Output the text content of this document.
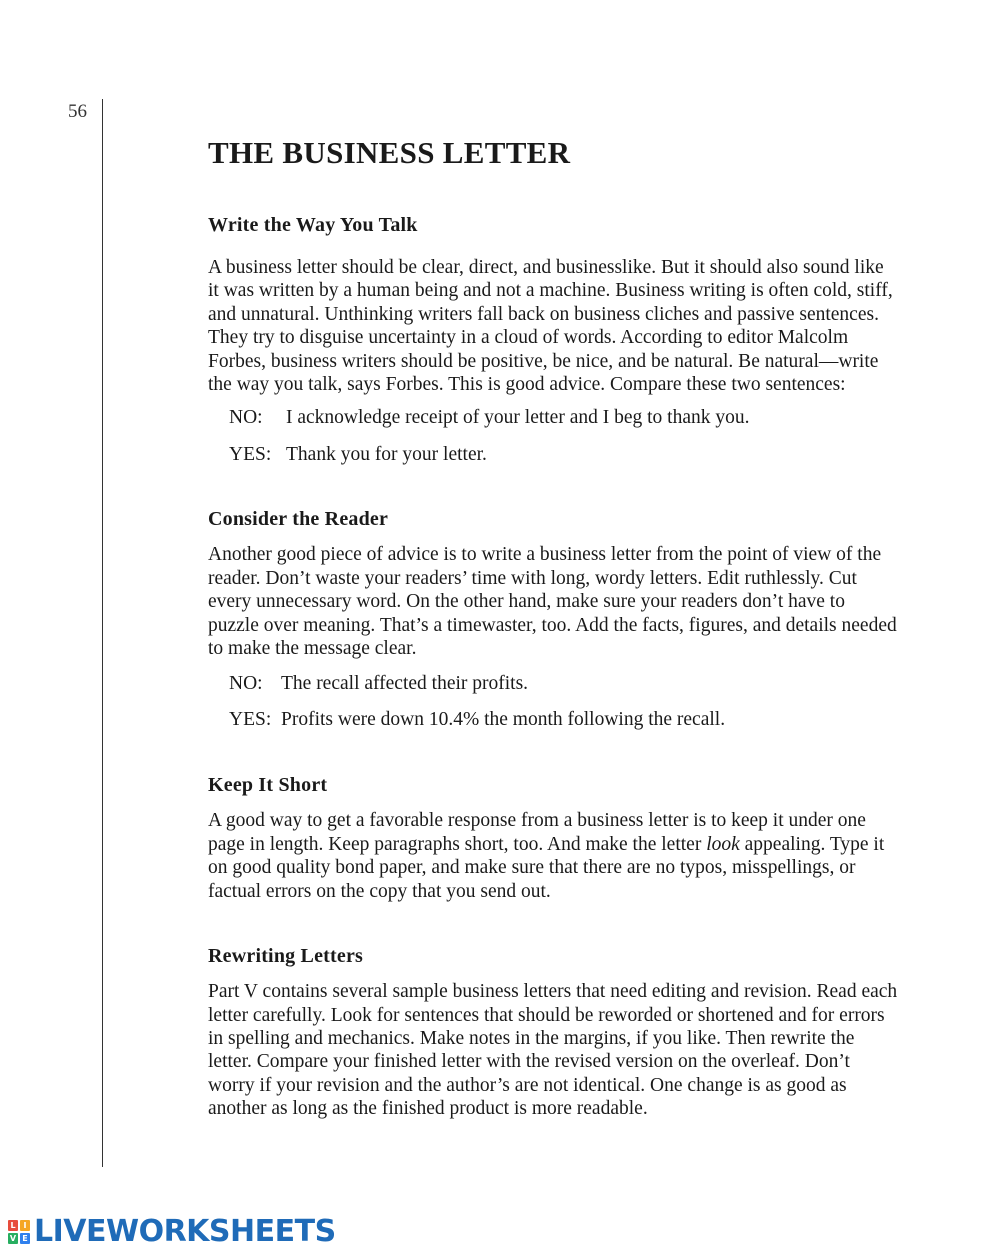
56
THE BUSINESS LETTER
Write the Way You Talk

A business letter should be clear, direct, and businesslike. But it should also sound like it was written by a human being and not a machine. Business writing is often cold, stiff, and unnatural. Unthinking writers fall back on business cliches and passive sentences. They try to disguise uncertainty in a cloud of words. According to editor Malcolm Forbes, business writers should be positive, be nice, and be natural. Be natural—write the way you talk, says Forbes. This is good advice. Compare these two sentences:

NO:	I acknowledge receipt of your letter and I beg to thank you.
YES: Thank you for your letter.
Consider the Reader

Another good piece of advice is to write a business letter from the point of view of the reader. Don’t waste your readers’ time with long, wordy letters. Edit ruthlessly. Cut every unnecessary word. On the other hand, make sure your readers don’t have to puzzle over meaning. That’s a timewaster, too. Add the facts, figures, and details needed to make the message clear.

NO: The recall affected their profits.
YES: Profits were down 10.4% the month following the recall.
Keep It Short

A good way to get a favorable response from a business letter is to keep it under one page in length. Keep paragraphs short, too. And make the letter look appealing. Type it on good quality bond paper, and make sure that there are no typos, misspellings, or factual errors on the copy that you send out.

Rewriting Letters

Part V contains several sample business letters that need editing and revision. Read each letter carefully. Look for sentences that should be reworded or shortened and for errors in spelling and mechanics. Make notes in the margins, if you like. Then rewrite the letter. Compare your finished letter with the revised version on the overleaf. Don’t worry if your revision and the author’s are not identical. One change is as good as another as long as the finished product is more readable.

L I
V E LIVEWORKSHEETS
